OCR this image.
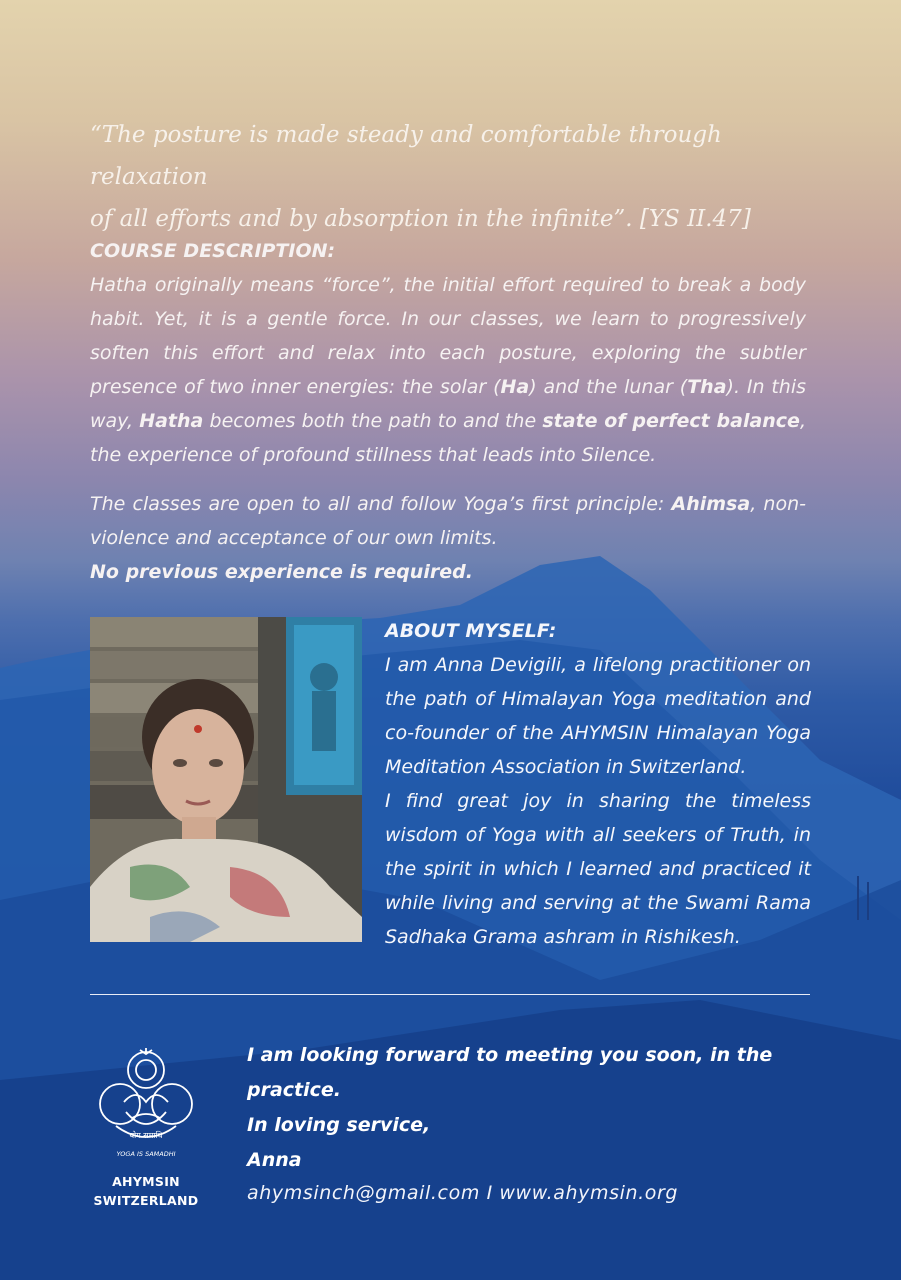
“The posture is made steady and comfortable through relaxation
of all efforts and by absorption in the infinite”. [YS II.47]

COURSE DESCRIPTION:
Hatha originally means “force”, the initial effort required to break a body habit. Yet, it is a gentle force. In our classes, we learn to progressively soften this effort and relax into each posture, exploring the subtler presence of two inner energies: the solar (Ha) and the lunar (Tha). In this way, Hatha becomes both the path to and the state of perfect balance, the experience of profound stillness that leads into Silence.

The classes are open to all and follow Yoga’s first principle: Ahimsa, non-violence and acceptance of our own limits.
No previous experience is required.

ABOUT MYSELF:
I am Anna Devigili, a lifelong practitioner on the path of Himalayan Yoga meditation and co-founder of the AHYMSIN Himalayan Yoga Meditation Association in Switzerland.
I find great joy in sharing the timeless wisdom of Yoga with all seekers of Truth, in the spirit in which I learned and practiced it while living and serving at the Swami Rama Sadhaka Grama ashram in Rishikesh.
योग समाधि
YOGA IS SAMADHI
AHYMSIN
SWITZERLAND
I am looking forward to meeting you soon, in the practice.
In loving service,
Anna
ahymsinch@gmail.com I www.ahymsin.org
